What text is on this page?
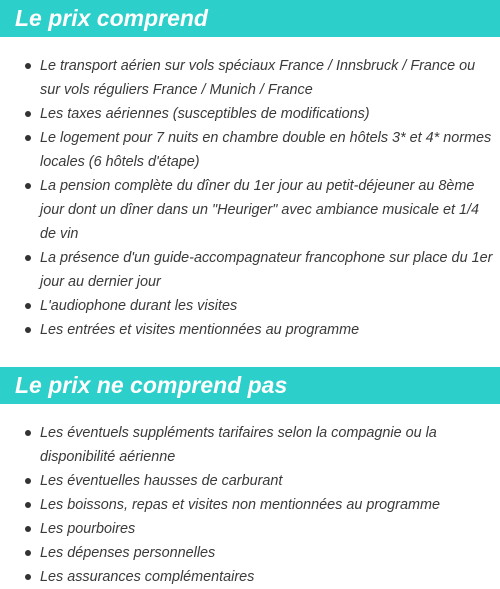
Le prix comprend
Le transport aérien sur vols spéciaux France / Innsbruck / France ou sur vols réguliers France / Munich / France
Les taxes aériennes (susceptibles de modifications)
Le logement pour 7 nuits en chambre double en hôtels 3* et 4* normes locales (6 hôtels d'étape)
La pension complète du dîner du 1er jour au petit-déjeuner au 8ème jour dont un dîner dans un "Heuriger" avec ambiance musicale et 1/4 de vin
La présence d'un guide-accompagnateur francophone sur place du 1er jour au dernier jour
L'audiophone durant les visites
Les entrées et visites mentionnées au programme
Le prix ne comprend pas
Les éventuels suppléments tarifaires selon la compagnie ou la disponibilité aérienne
Les éventuelles hausses de carburant
Les boissons, repas et visites non mentionnées au programme
Les pourboires
Les dépenses personnelles
Les assurances complémentaires
